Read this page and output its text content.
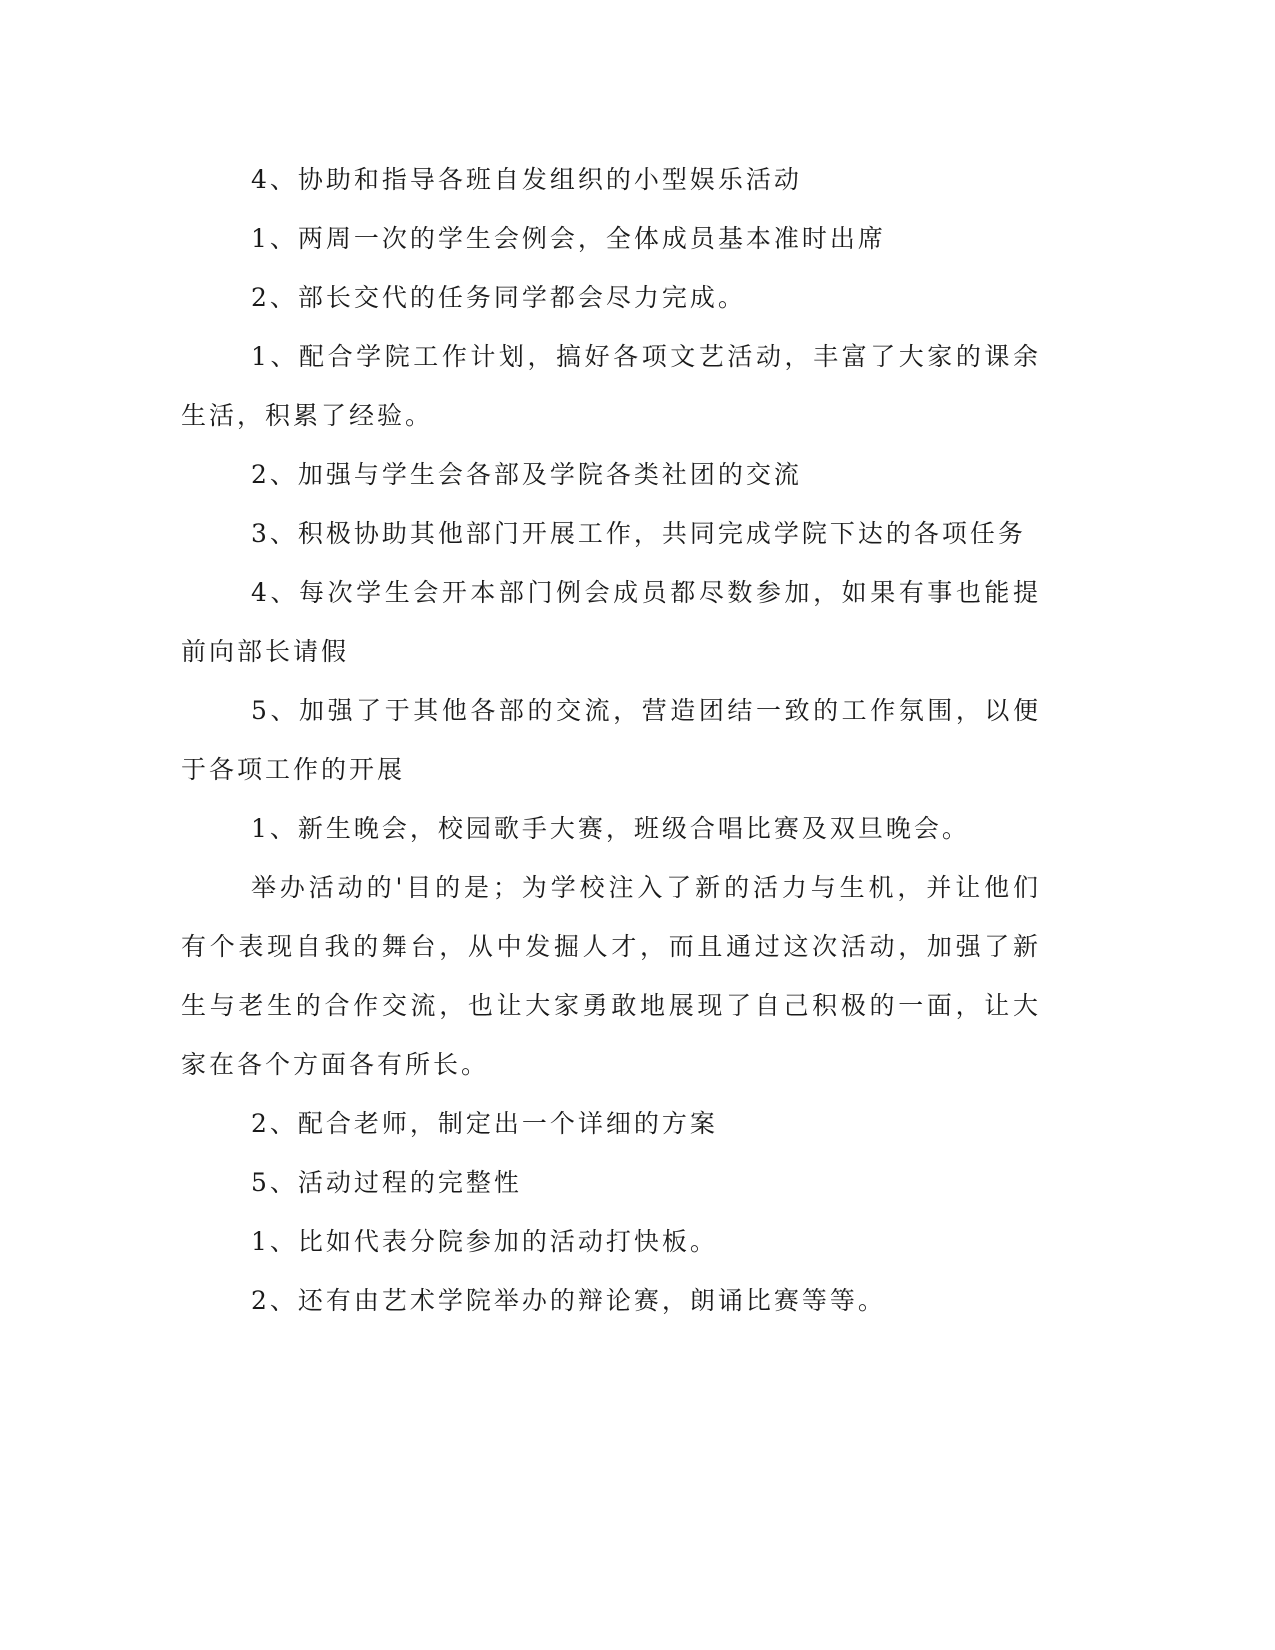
4、协助和指导各班自发组织的小型娱乐活动

1、两周一次的学生会例会，全体成员基本准时出席

2、部长交代的任务同学都会尽力完成。

1、配合学院工作计划，搞好各项文艺活动，丰富了大家的课余生活，积累了经验。

2、加强与学生会各部及学院各类社团的交流

3、积极协助其他部门开展工作，共同完成学院下达的各项任务

4、每次学生会开本部门例会成员都尽数参加，如果有事也能提前向部长请假

5、加强了于其他各部的交流，营造团结一致的工作氛围，以便于各项工作的开展

1、新生晚会，校园歌手大赛，班级合唱比赛及双旦晚会。

举办活动的'目的是；为学校注入了新的活力与生机，并让他们有个表现自我的舞台，从中发掘人才，而且通过这次活动，加强了新生与老生的合作交流，也让大家勇敢地展现了自己积极的一面，让大家在各个方面各有所长。

2、配合老师，制定出一个详细的方案

5、活动过程的完整性

1、比如代表分院参加的活动打快板。

2、还有由艺术学院举办的辩论赛，朗诵比赛等等。
